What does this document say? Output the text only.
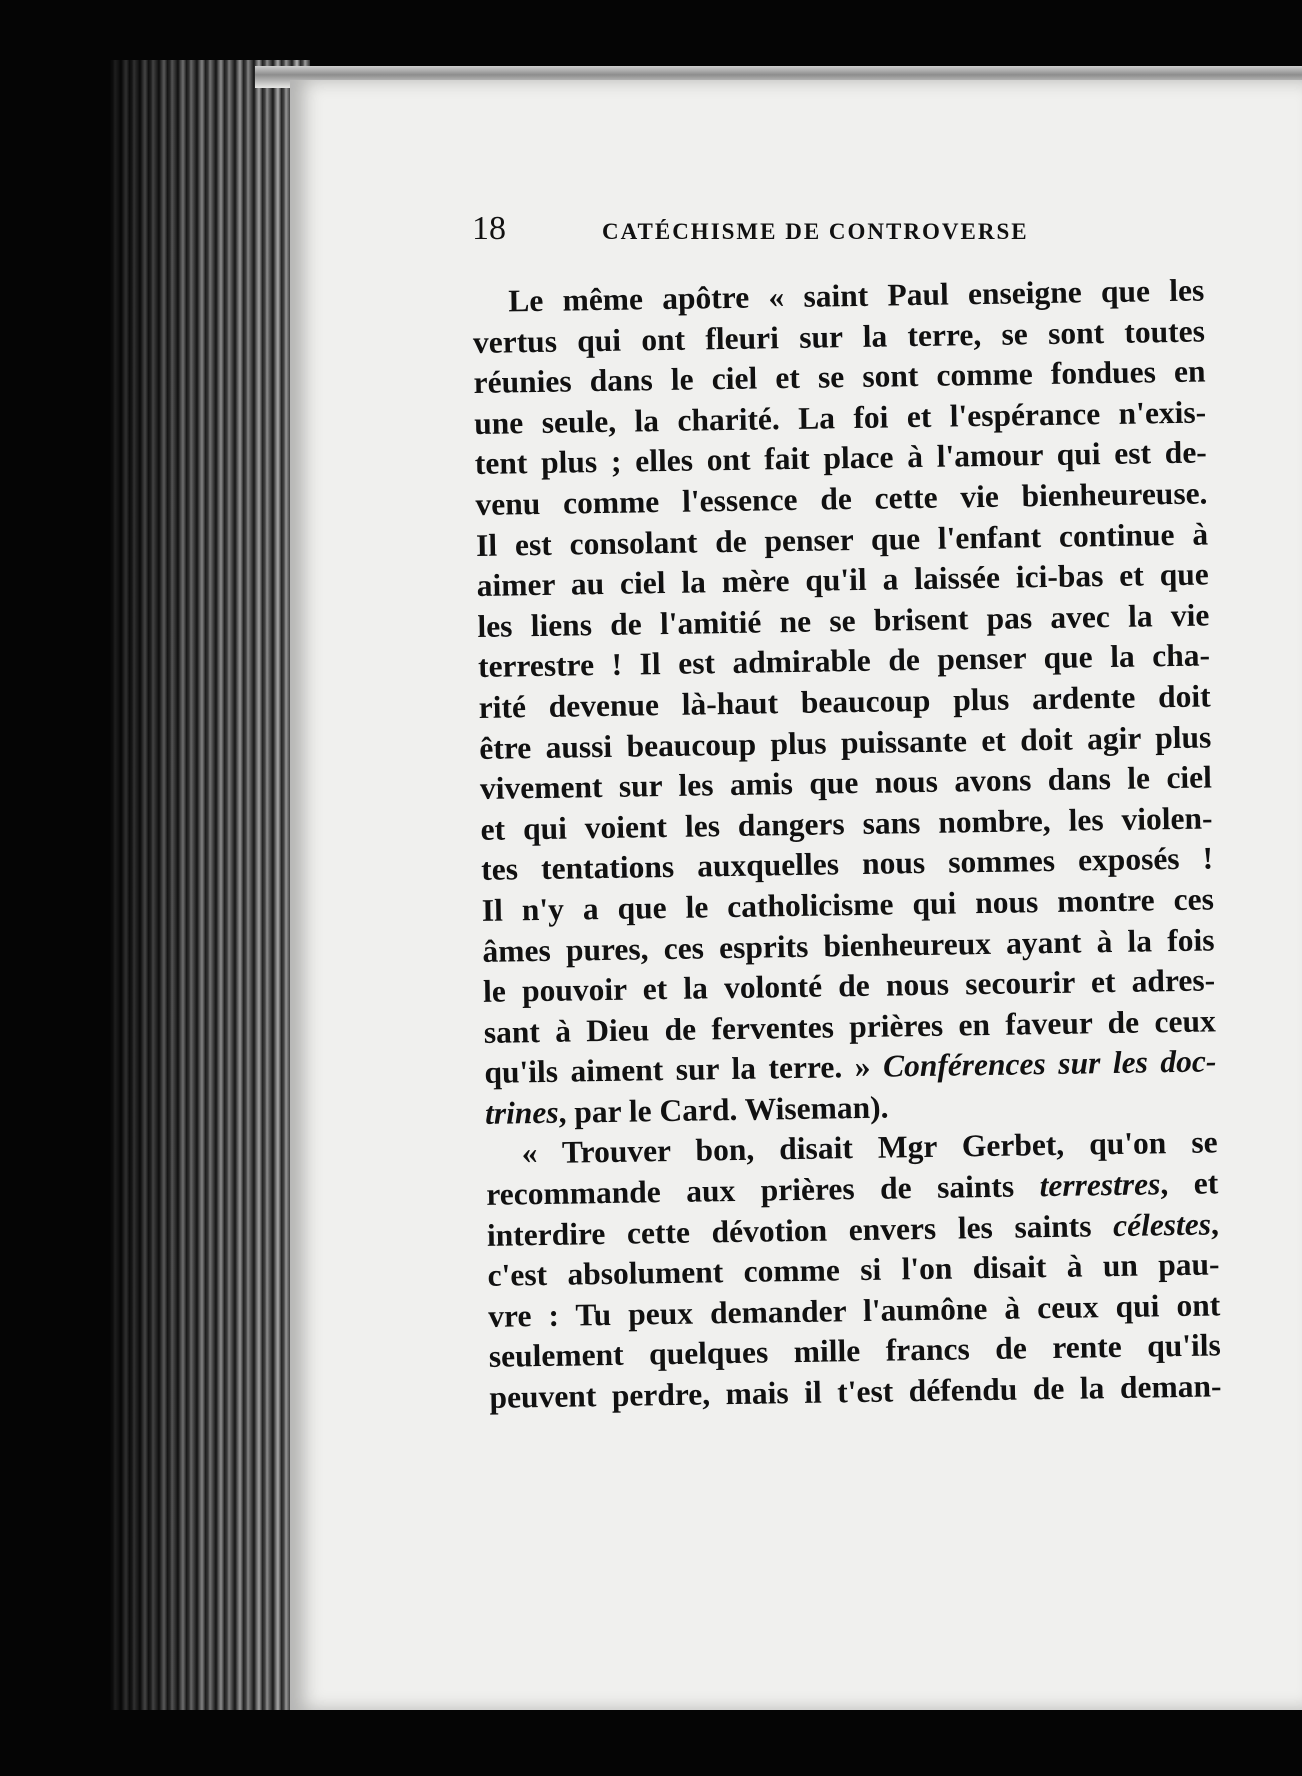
18	CATÉCHISME DE CONTROVERSE
Le même apôtre « saint Paul enseigne que les
vertus qui ont fleuri sur la terre, se sont toutes
réunies dans le ciel et se sont comme fondues en
une seule, la charité. La foi et l'espérance n'exis-
tent plus ; elles ont fait place à l'amour qui est de-
venu comme l'essence de cette vie bienheureuse.
Il est consolant de penser que l'enfant continue à
aimer au ciel la mère qu'il a laissée ici-bas et que
les liens de l'amitié ne se brisent pas avec la vie
terrestre ! Il est admirable de penser que la cha-
rité devenue là-haut beaucoup plus ardente doit
être aussi beaucoup plus puissante et doit agir plus
vivement sur les amis que nous avons dans le ciel
et qui voient les dangers sans nombre, les violen-
tes tentations auxquelles nous sommes exposés !
Il n'y a que le catholicisme qui nous montre ces
âmes pures, ces esprits bienheureux ayant à la fois
le pouvoir et la volonté de nous secourir et adres-
sant à Dieu de ferventes prières en faveur de ceux
qu'ils aiment sur la terre. » Conférences sur les doc-
trines, par le Card. Wiseman).
« Trouver bon, disait Mgr Gerbet, qu'on se
recommande aux prières de saints terrestres, et
interdire cette dévotion envers les saints célestes,
c'est absolument comme si l'on disait à un pau-
vre : Tu peux demander l'aumône à ceux qui ont
seulement quelques mille francs de rente qu'ils
peuvent perdre, mais il t'est défendu de la deman-
